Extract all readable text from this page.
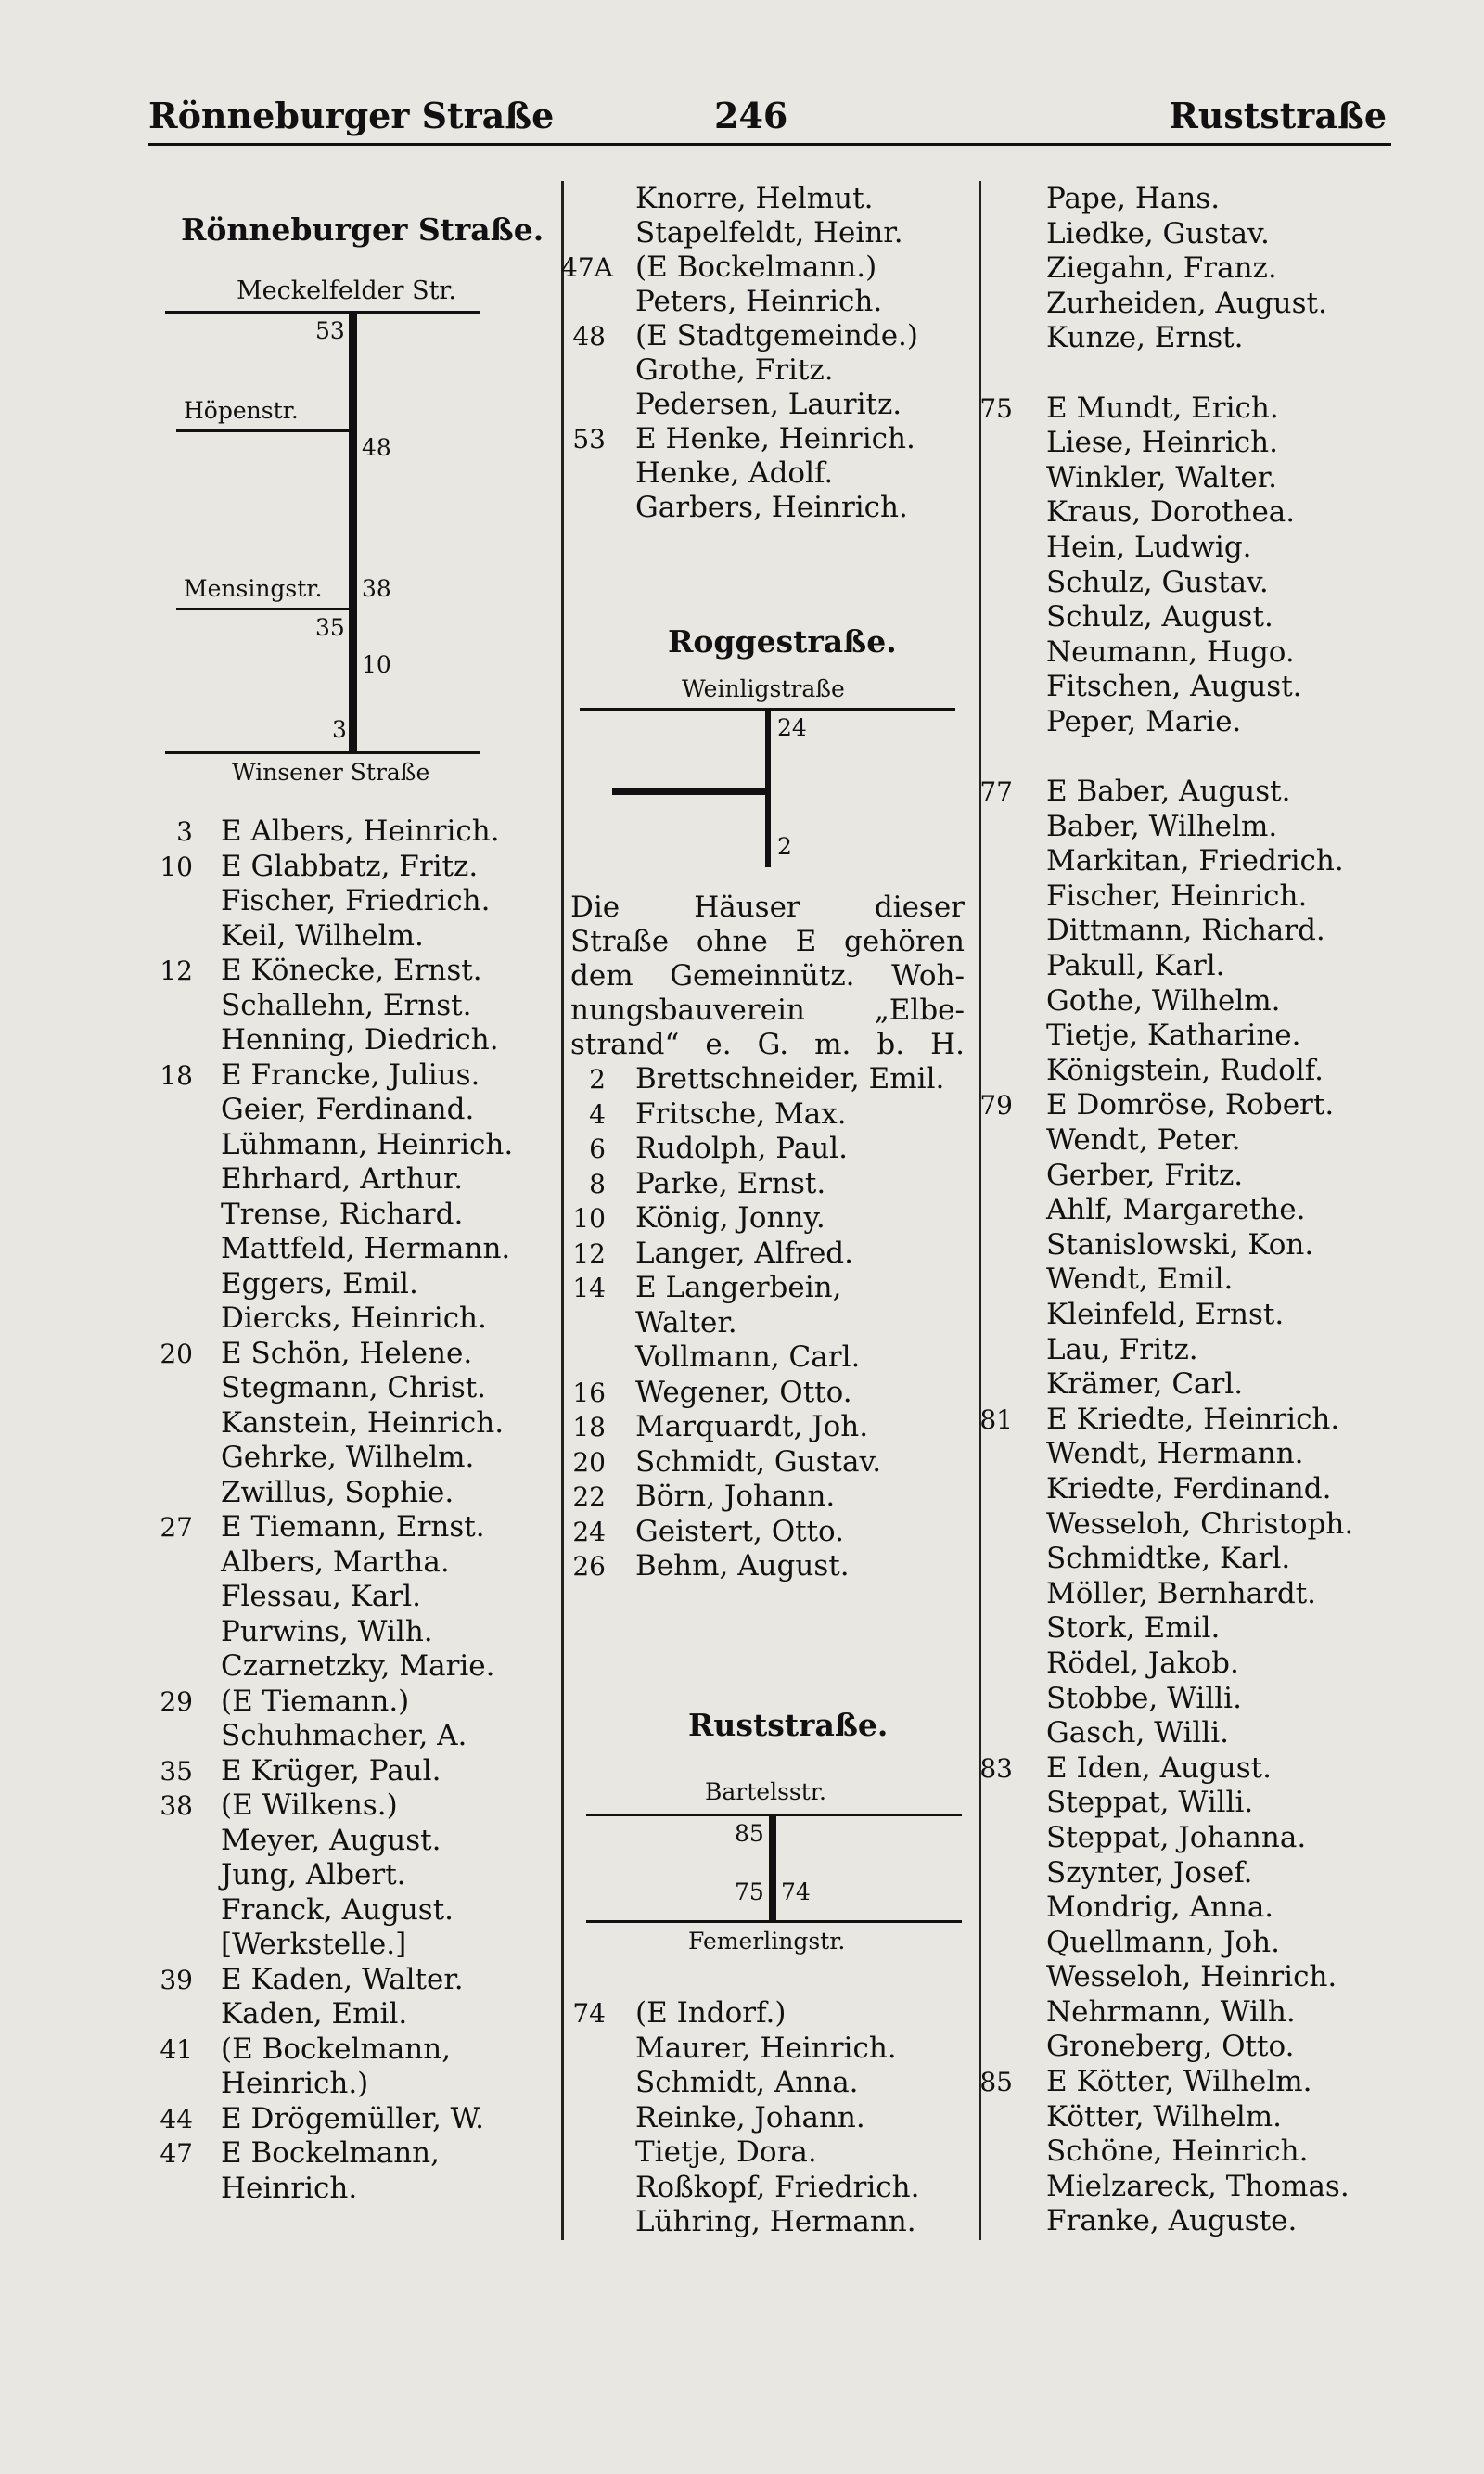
Rönneburger Straße	246	Ruststraße
Rönneburger Straße.
Meckelfelder Str.
53
Höpenstr.
48
Mensingstr. 38
35
10
3
Winsener Straße
3 E Albers, Heinrich.
10 E Glabbatz, Fritz.
Fischer, Friedrich.
Keil, Wilhelm.
12 E Könecke, Ernst.
Schallehn, Ernst.
Henning, Diedrich.
18 E Francke, Julius.
Geier, Ferdinand.
Lühmann, Heinrich.
Ehrhard, Arthur.
Trense, Richard.
Mattfeld, Hermann.
Eggers, Emil.
Diercks, Heinrich.
20 E Schön, Helene.
Stegmann, Christ.
Kanstein, Heinrich.
Gehrke, Wilhelm.
Zwillus, Sophie.
27 E Tiemann, Ernst.
Albers, Martha.
Flessau, Karl.
Purwins, Wilh.
Czarnetzky, Marie.
29 (E Tiemann.)
Schuhmacher, A.
35 E Krüger, Paul.
38 (E Wilkens.)
Meyer, August.
Jung, Albert.
Franck, August.
[Werkstelle.]
39 E Kaden, Walter.
Kaden, Emil.
41 (E Bockelmann,
Heinrich.)
44 E Drögemüller, W.
47 E Bockelmann,
Heinrich.
Knorre, Helmut.
Stapelfeldt, Heinr.
47A (E Bockelmann.)
Peters, Heinrich.
48 (E Stadtgemeinde.)
Grothe, Fritz.
Pedersen, Lauritz.
53 E Henke, Heinrich.
Henke, Adolf.
Garbers, Heinrich.
Roggestraße.
Weinligstraße
24
2
Die Häuser dieser
Straße ohne E gehören
dem Gemeinnütz. Woh-
nungsbauverein „Elbe-
strand“ e. G. m. b. H.
2 Brettschneider, Emil.
4 Fritsche, Max.
6 Rudolph, Paul.
8 Parke, Ernst.
10 König, Jonny.
12 Langer, Alfred.
14 E Langerbein,
Walter.
Vollmann, Carl.
16 Wegener, Otto.
18 Marquardt, Joh.
20 Schmidt, Gustav.
22 Börn, Johann.
24 Geistert, Otto.
26 Behm, August.
Ruststraße.
Bartelsstr.
85
75 74
Femerlingstr.
74 (E Indorf.)
Maurer, Heinrich.
Schmidt, Anna.
Reinke, Johann.
Tietje, Dora.
Roßkopf, Friedrich.
Lühring, Hermann.
Pape, Hans.
Liedke, Gustav.
Ziegahn, Franz.
Zurheiden, August.
Kunze, Ernst.
75 E Mundt, Erich.
Liese, Heinrich.
Winkler, Walter.
Kraus, Dorothea.
Hein, Ludwig.
Schulz, Gustav.
Schulz, August.
Neumann, Hugo.
Fitschen, August.
Peper, Marie.
77 E Baber, August.
Baber, Wilhelm.
Markitan, Friedrich.
Fischer, Heinrich.
Dittmann, Richard.
Pakull, Karl.
Gothe, Wilhelm.
Tietje, Katharine.
Königstein, Rudolf.
79 E Domröse, Robert.
Wendt, Peter.
Gerber, Fritz.
Ahlf, Margarethe.
Stanislowski, Kon.
Wendt, Emil.
Kleinfeld, Ernst.
Lau, Fritz.
Krämer, Carl.
81 E Kriedte, Heinrich.
Wendt, Hermann.
Kriedte, Ferdinand.
Wesseloh, Christoph.
Schmidtke, Karl.
Möller, Bernhardt.
Stork, Emil.
Rödel, Jakob.
Stobbe, Willi.
Gasch, Willi.
83 E Iden, August.
Steppat, Willi.
Steppat, Johanna.
Szynter, Josef.
Mondrig, Anna.
Quellmann, Joh.
Wesseloh, Heinrich.
Nehrmann, Wilh.
Groneberg, Otto.
85 E Kötter, Wilhelm.
Kötter, Wilhelm.
Schöne, Heinrich.
Mielzareck, Thomas.
Franke, Auguste.
